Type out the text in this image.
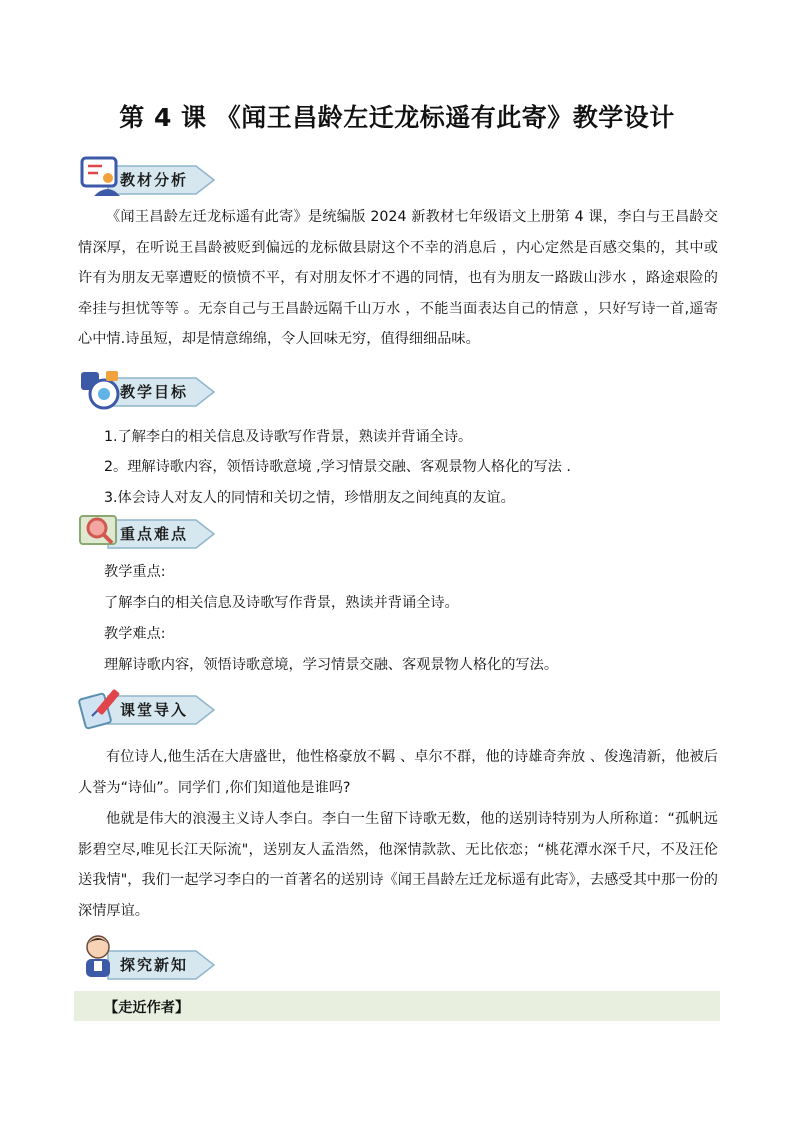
第 4 课 《闻王昌龄左迁龙标遥有此寄》教学设计
教材分析
《闻王昌龄左迁龙标遥有此寄》是统编版 2024 新教材七年级语文上册第 4 课，李白与王昌龄交情深厚，在听说王昌龄被贬到偏远的龙标做县尉这个不幸的消息后 ，内心定然是百感交集的，其中或许有为朋友无辜遭贬的愤愤不平，有对朋友怀才不遇的同情，也有为朋友一路跋山涉水 ，路途艰险的牵挂与担忧等等 。无奈自己与王昌龄远隔千山万水 ，不能当面表达自己的情意 ，只好写诗一首,遥寄心中情.诗虽短，却是情意绵绵，令人回味无穷，值得细细品味。
教学目标
1.了解李白的相关信息及诗歌写作背景，熟读并背诵全诗。
2。理解诗歌内容，领悟诗歌意境 ,学习情景交融、客观景物人格化的写法 .
3.体会诗人对友人的同情和关切之情，珍惜朋友之间纯真的友谊。
重点难点
教学重点:
了解李白的相关信息及诗歌写作背景，熟读并背诵全诗。
教学难点:
理解诗歌内容，领悟诗歌意境，学习情景交融、客观景物人格化的写法。
课堂导入
有位诗人,他生活在大唐盛世，他性格豪放不羁 、卓尔不群，他的诗雄奇奔放 、俊逸清新，他被后人誉为“诗仙”。同学们 ,你们知道他是谁吗?
他就是伟大的浪漫主义诗人李白。李白一生留下诗歌无数，他的送别诗特别为人所称道：“孤帆远影碧空尽,唯见长江天际流"，送别友人孟浩然，他深情款款、无比依恋；“桃花潭水深千尺，不及汪伦送我情"，我们一起学习李白的一首著名的送别诗《闻王昌龄左迁龙标遥有此寄》，去感受其中那一份的深情厚谊。
探究新知
【走近作者】
